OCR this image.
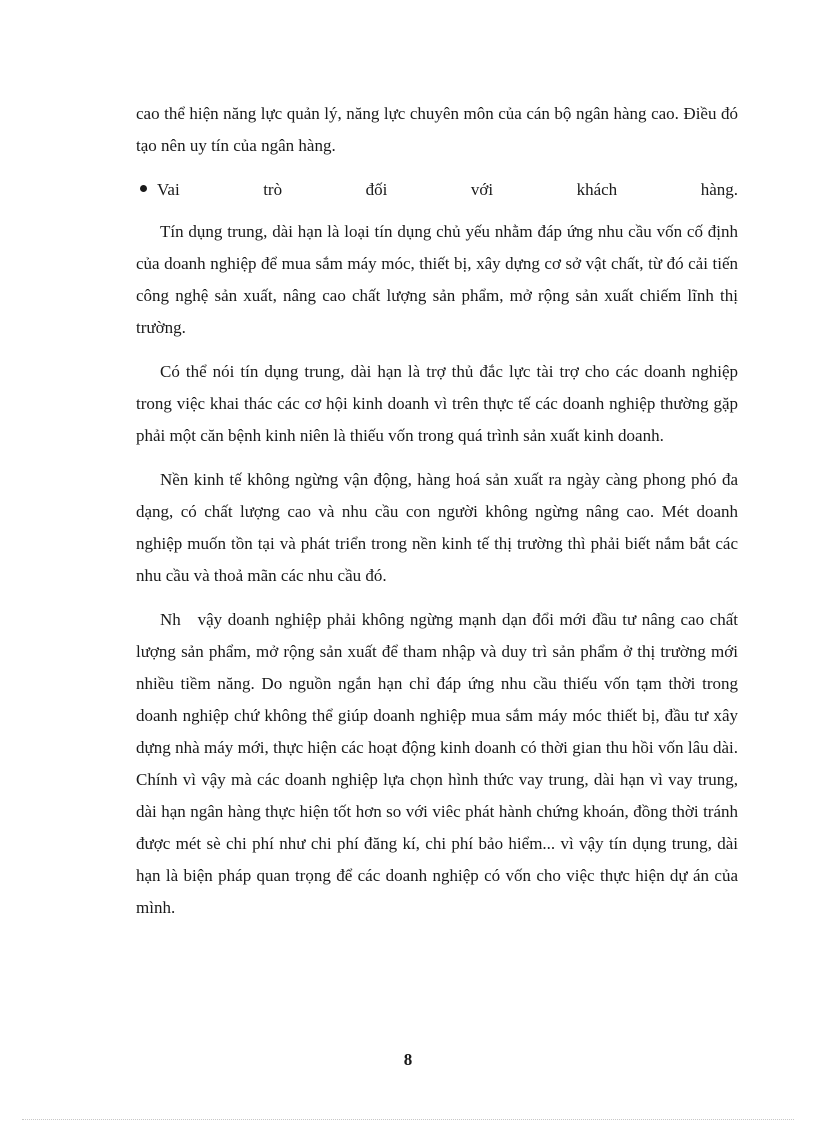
cao thể hiện năng lực quản lý, năng lực chuyên môn của cán bộ ngân hàng cao. Điều đó tạo nên uy tín của ngân hàng.

Vai	trò	đối	với	khách	hàng.

Tín dụng trung, dài hạn là loại tín dụng chủ yếu nhằm đáp ứng nhu cầu vốn cố định của doanh nghiệp để mua sắm máy móc, thiết bị, xây dựng cơ sở vật chất, từ đó cải tiến công nghệ sản xuất, nâng cao chất lượng sản phẩm, mở rộng sản xuất chiếm lĩnh thị trường.

Có thể nói tín dụng trung, dài hạn là trợ thủ đắc lực tài trợ cho các doanh nghiệp trong việc khai thác các cơ hội kinh doanh vì trên thực tế các doanh nghiệp thường gặp phải một căn bệnh kinh niên là thiếu vốn trong quá trình sản xuất kinh doanh.

Nền kinh tế không ngừng vận động, hàng hoá sản xuất ra ngày càng phong phó đa dạng, có chất lượng cao và nhu cầu con người không ngừng nâng cao. Mét doanh nghiệp muốn tồn tại và phát triển trong nền kinh tế thị trường thì phải biết nắm bắt các nhu cầu và thoả mãn các nhu cầu đó.

Nh   vậy doanh nghiệp phải không ngừng mạnh dạn đổi mới đầu tư nâng cao chất lượng sản phẩm, mở rộng sản xuất để tham nhập và duy trì sản phẩm ở thị trường mới nhiều tiềm năng. Do nguồn ngắn hạn chỉ đáp ứng nhu cầu thiếu vốn tạm thời trong doanh nghiệp chứ không thể giúp doanh nghiệp mua sắm máy móc thiết bị, đầu tư xây dựng nhà máy mới, thực hiện các hoạt động kinh doanh có thời gian thu hồi vốn lâu dài. Chính vì vậy mà các doanh nghiệp lựa chọn hình thức vay trung, dài hạn vì vay trung, dài hạn ngân hàng thực hiện tốt hơn so với viêc phát hành chứng khoán, đồng thời tránh được mét sè chi phí như chi phí đăng kí, chi phí bảo hiểm... vì vậy tín dụng trung, dài hạn là biện pháp quan trọng để các doanh nghiệp có vốn cho việc thực hiện dự án của mình.

8
